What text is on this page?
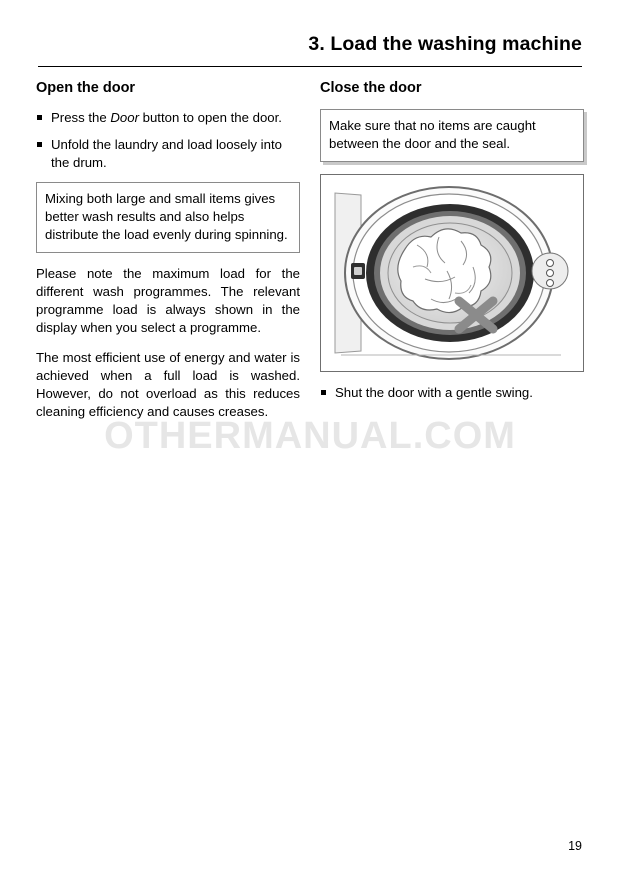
3. Load the washing machine
Open the door
Press the Door button to open the door.
Unfold the laundry and load loosely into the drum.
Mixing both large and small items gives better wash results and also helps distribute the load evenly during spinning.

Please note the maximum load for the different wash programmes. The relevant programme load is always shown in the display when you select a programme.

The most efficient use of energy and water is achieved when a full load is washed. However, do not overload as this reduces cleaning efficiency and causes creases.

Close the door
Make sure that no items are caught between the door and the seal.
Shut the door with a gentle swing.
OTHERMANUAL.COM
19
